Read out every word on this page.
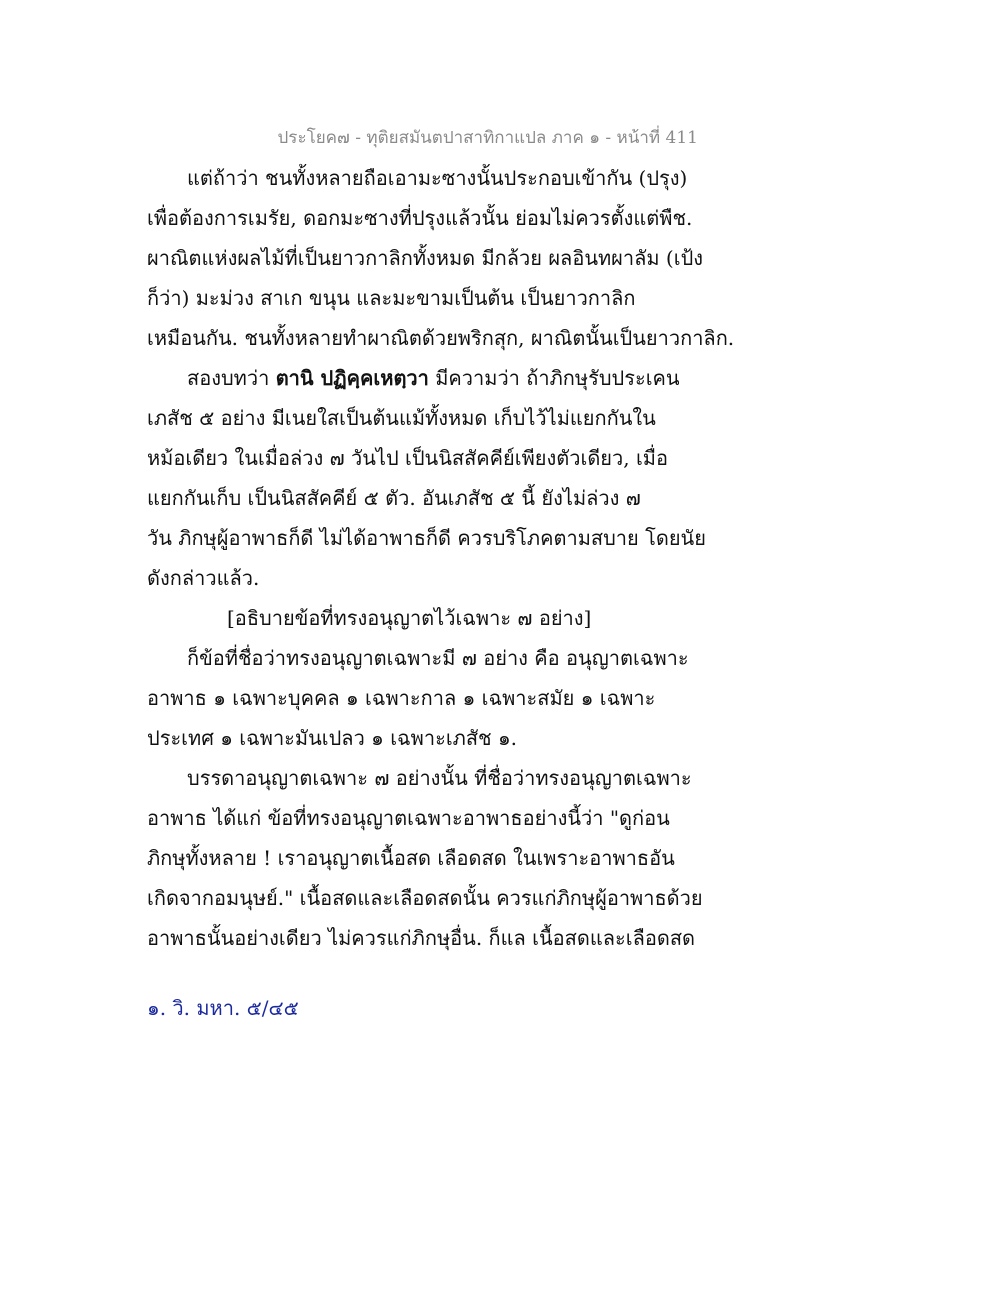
ประโยค๗ - ทุติยสมันตปาสาทิกาแปล ภาค ๑ - หน้าที่ 411
แต่ถ้าว่า ชนทั้งหลายถือเอามะซางนั้นประกอบเข้ากัน (ปรุง)
เพื่อต้องการเมรัย, ดอกมะซางที่ปรุงแล้วนั้น ย่อมไม่ควรตั้งแต่พืช.
ผาณิตแห่งผลไม้ที่เป็นยาวกาลิกทั้งหมด มีกล้วย ผลอินทผาลัม (เป้ง
ก็ว่า) มะม่วง สาเก ขนุน และมะขามเป็นต้น เป็นยาวกาลิก
เหมือนกัน. ชนทั้งหลายทำผาณิตด้วยพริกสุก, ผาณิตนั้นเป็นยาวกาลิก.
สองบทว่า ตานิ ปฏิคฺคเหตฺวา มีความว่า ถ้าภิกษุรับประเคน
เภสัช ๕ อย่าง มีเนยใสเป็นต้นแม้ทั้งหมด เก็บไว้ไม่แยกกันใน
หม้อเดียว ในเมื่อล่วง ๗ วันไป เป็นนิสสัคคีย์เพียงตัวเดียว, เมื่อ
แยกกันเก็บ เป็นนิสสัคคีย์ ๕ ตัว. อันเภสัช ๕ นี้ ยังไม่ล่วง ๗
วัน ภิกษุผู้อาพาธก็ดี ไม่ได้อาพาธก็ดี ควรบริโภคตามสบาย โดยนัย
ดังกล่าวแล้ว.
[อธิบายข้อที่ทรงอนุญาตไว้เฉพาะ ๗ อย่าง]
ก็ข้อที่ชื่อว่าทรงอนุญาตเฉพาะมี ๗ อย่าง คือ อนุญาตเฉพาะ
อาพาธ ๑ เฉพาะบุคคล ๑ เฉพาะกาล ๑ เฉพาะสมัย ๑ เฉพาะ
ประเทศ ๑ เฉพาะมันเปลว ๑ เฉพาะเภสัช ๑.
บรรดาอนุญาตเฉพาะ ๗ อย่างนั้น ที่ชื่อว่าทรงอนุญาตเฉพาะ
อาพาธ ได้แก่ ข้อที่ทรงอนุญาตเฉพาะอาพาธอย่างนี้ว่า "ดูก่อน
ภิกษุทั้งหลาย ! เราอนุญาตเนื้อสด เลือดสด ในเพราะอาพาธอัน
เกิดจากอมนุษย์." เนื้อสดและเลือดสดนั้น ควรแก่ภิกษุผู้อาพาธด้วย
อาพาธนั้นอย่างเดียว ไม่ควรแก่ภิกษุอื่น. ก็แล เนื้อสดและเลือดสด
๑. วิ. มหา. ๕/๔๕
